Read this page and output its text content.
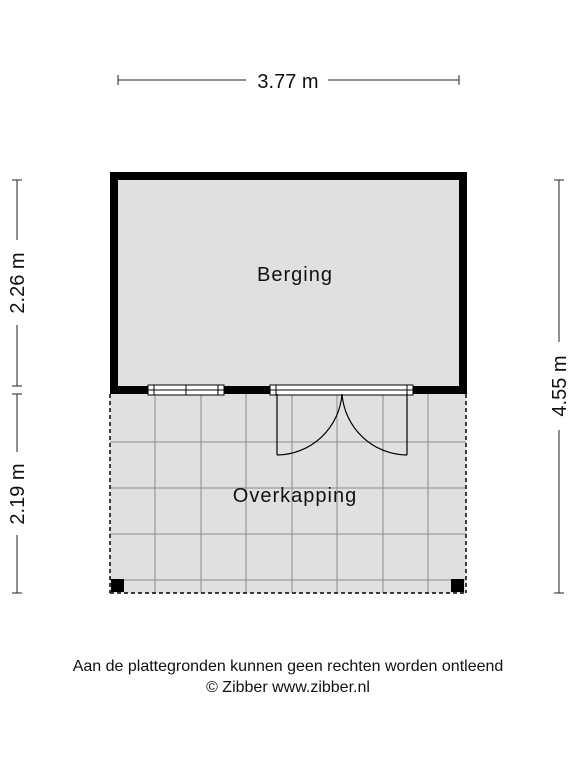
Berging
Overkapping
3.77 m
2.26 m
2.19 m
4.55 m
Aan de plattegronden kunnen geen rechten worden ontleend
© Zibber www.zibber.nl
